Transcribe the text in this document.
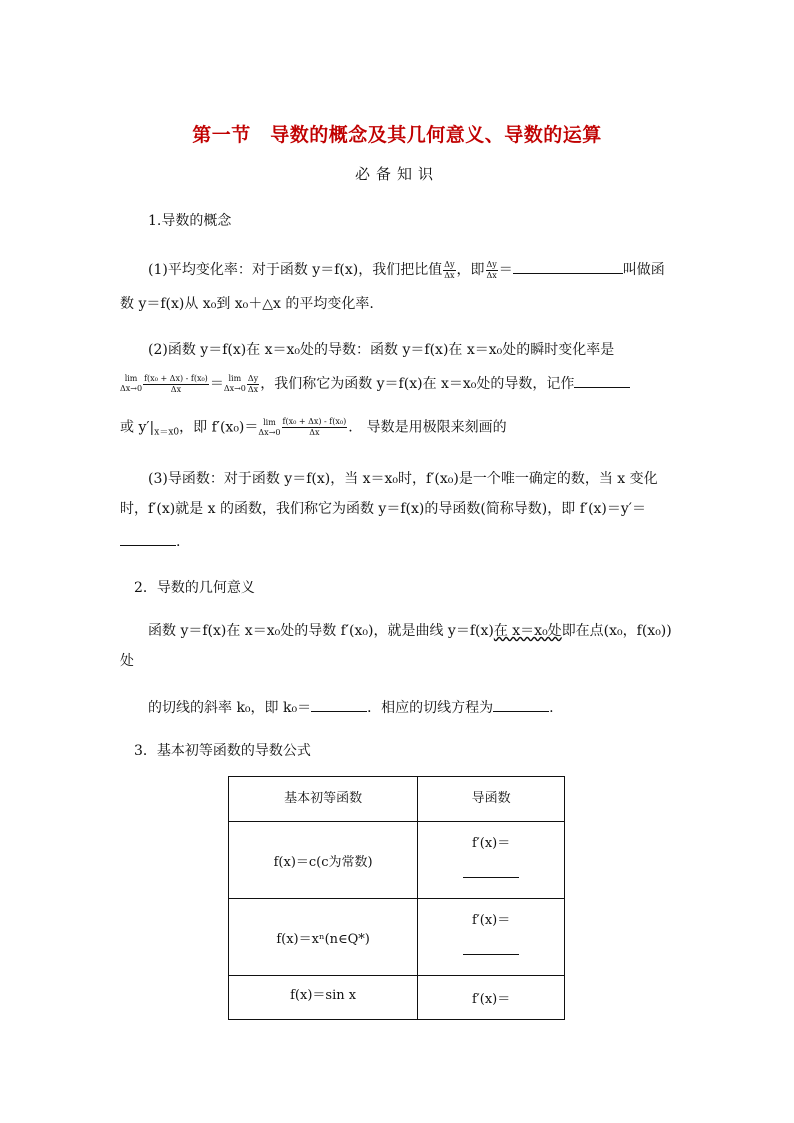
第一节　导数的概念及其几何意义、导数的运算
必备知识
1.导数的概念
(1)平均变化率：对于函数 y＝f(x)，我们把比值 $\frac{\Delta y}{\Delta x}$ ，即 $\frac{\Delta y}{\Delta x}$ ＝	叫做函
数 y＝f(x)从 x₀到 x₀＋△x 的平均变化率.
(2)函数 y＝f(x)在 x＝x₀处的导数：函数 y＝f(x)在 x＝x₀处的瞬时变化率是
lim
$\Delta x\to 0 \frac{\text{f(x₀ + Δx) - f(x₀)}}{\Delta x} = \lim$
$\Delta x\to 0 \frac{\Delta y}{\Delta x}$ ，我们称它为函数 y＝f(x)在 x＝x₀处的导数，记作
或 $y'|_{x=x0}$，即 f′(x₀)＝ lim
$\Delta x\to 0 \frac{\text{f(x₀ + Δx) - f(x₀)}}{\Delta x}$ .　导数是用极限来刻画的
(3)导函数：对于函数 y＝f(x)，当 x＝x₀时，f′(x₀)是一个唯一确定的数，当 x 变化
时，f′(x)就是 x 的函数，我们称它为函数 y＝f(x)的导函数(简称导数)，即 f′(x)＝y′＝
.
2．导数的几何意义
函数 y＝f(x)在 x＝x₀处的导数 f′(x₀)，就是曲线 y＝f(x)在 x＝x₀处即在点(x₀，f(x₀))
处
的切线的斜率 k₀，即 k₀＝	．相应的切线方程为	.
3．基本初等函数的导数公式
基本初等函数	导函数
f(x)＝c(c为常数)	f′(x)＝

f(x)＝xⁿ(n∈Q*)	f′(x)＝

f(x)＝sin x	f′(x)＝
